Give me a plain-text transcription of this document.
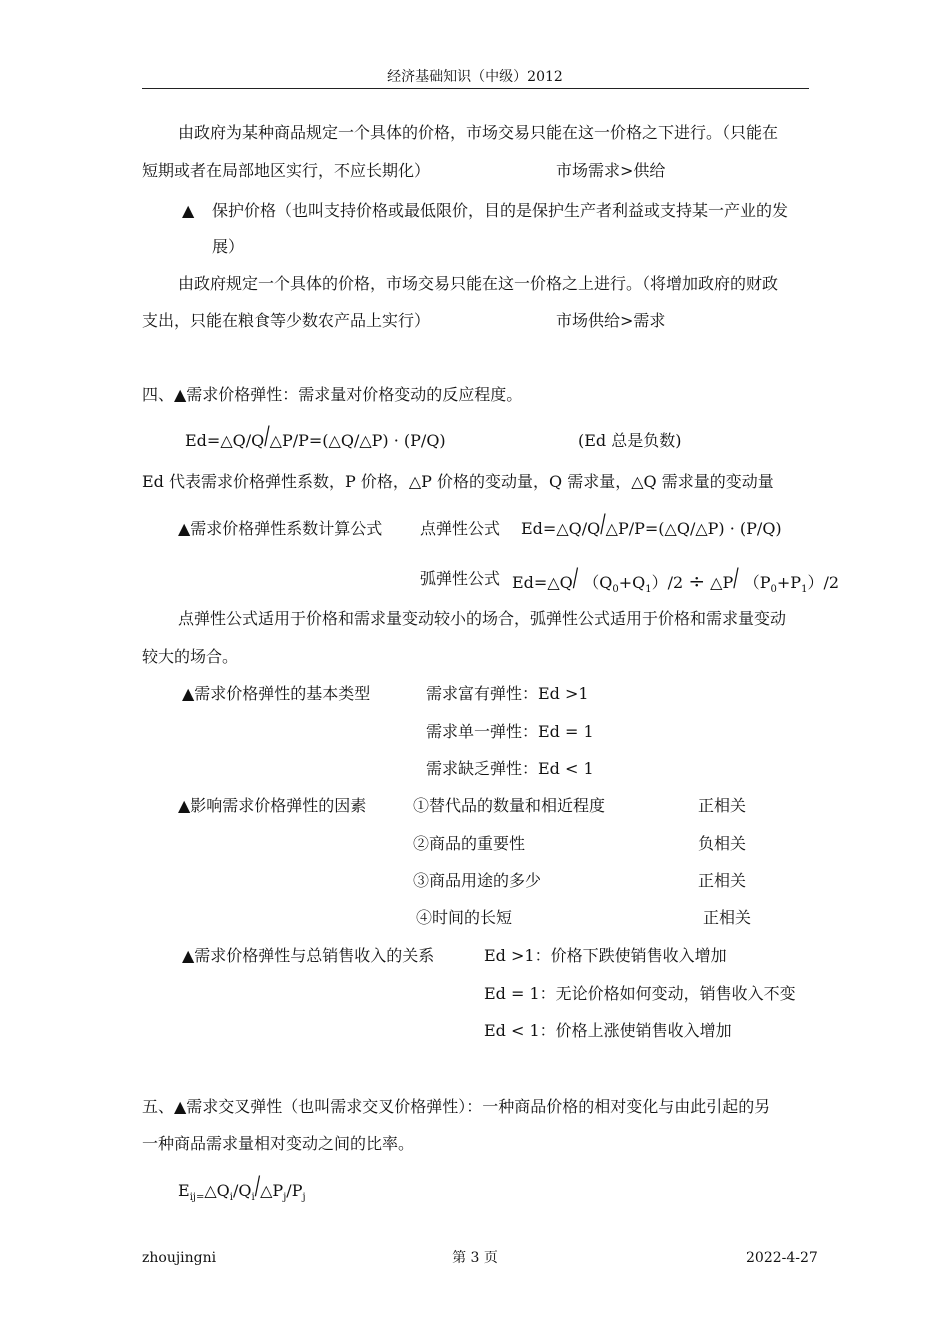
经济基础知识（中级）2012
由政府为某种商品规定一个具体的价格，市场交易只能在这一价格之下进行。（只能在
短期或者在局部地区实行，不应长期化）	市场需求>供给
▲ 保护价格（也叫支持价格或最低限价，目的是保护生产者利益或支持某一产业的发
展）
由政府规定一个具体的价格，市场交易只能在这一价格之上进行。（将增加政府的财政
支出，只能在粮食等少数农产品上实行）	市场供给>需求
四、▲需求价格弹性：需求量对价格变动的反应程度。
Ed=△Q/Q/△P/P=(△Q/△P) · (P/Q)	(Ed 总是负数)
Ed 代表需求价格弹性系数，P 价格，△P 价格的变动量，Q 需求量，△Q 需求量的变动量
▲需求价格弹性系数计算公式 点弹性公式 Ed=△Q/Q/△P/P=(△Q/△P) · (P/Q)
弧弹性公式 Ed=△Q/ $(Q_0+Q_1)/2$ ÷ △P/ $(P_0+P_1)/2$
点弹性公式适用于价格和需求量变动较小的场合，弧弹性公式适用于价格和需求量变动
较大的场合。
▲需求价格弹性的基本类型	需求富有弹性：Ed >1
需求单一弹性：Ed = 1
需求缺乏弹性：Ed < 1
▲影响需求价格弹性的因素	①替代品的数量和相近程度	正相关
②商品的重要性	负相关
③商品用途的多少	正相关
④时间的长短	正相关
▲需求价格弹性与总销售收入的关系	Ed >1：价格下跌使销售收入增加
Ed = 1：无论价格如何变动，销售收入不变
Ed < 1：价格上涨使销售收入增加
五、▲需求交叉弹性（也叫需求交叉价格弹性）：一种商品价格的相对变化与由此引起的另
一种商品需求量相对变动之间的比率。
$E_{ij=}\triangle Q_i/Q_i/\triangle P_j/P_j$
zhoujingni	第 3 页	2022-4-27
